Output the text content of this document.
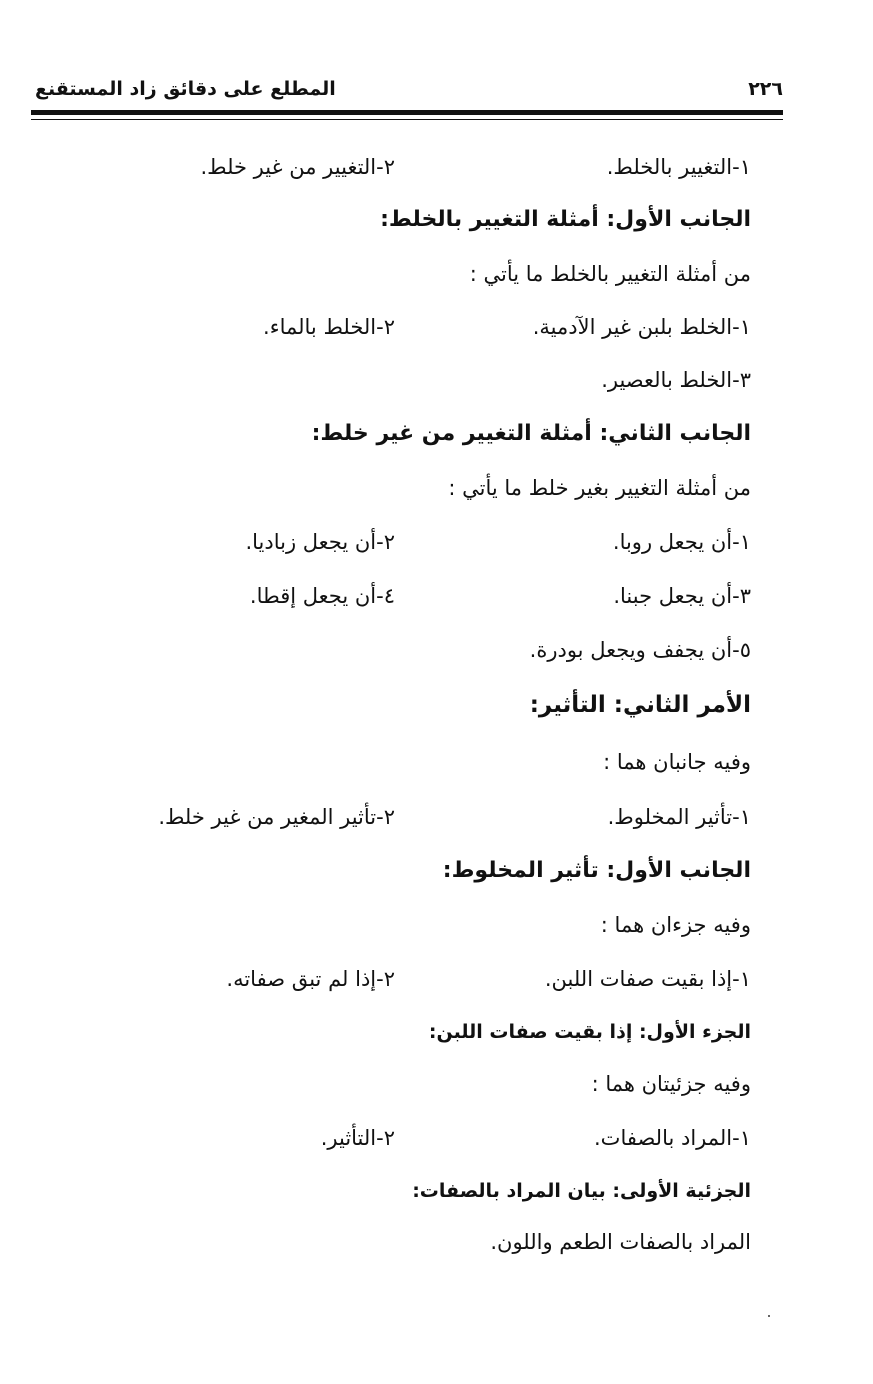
المطلع على دقائق زاد المستقنع	٢٢٦
١-التغيير بالخلط.
٢-التغيير من غير خلط.
الجانب الأول: أمثلة التغيير بالخلط:
من أمثلة التغيير بالخلط ما يأتي :
١-الخلط بلبن غير الآدمية.
٢-الخلط بالماء.
٣-الخلط بالعصير.
الجانب الثاني: أمثلة التغيير من غير خلط:
من أمثلة التغيير بغير خلط ما يأتي :
١-أن يجعل روبا.
٢-أن يجعل زباديا.
٣-أن يجعل جبنا.
٤-أن يجعل إقطا.
٥-أن يجفف ويجعل بودرة.
الأمر الثاني: التأثير:
وفيه جانبان هما :
١-تأثير المخلوط.
٢-تأثير المغير من غير خلط.
الجانب الأول: تأثير المخلوط:
وفيه جزءان هما :
١-إذا بقيت صفات اللبن.
٢-إذا لم تبق صفاته.
الجزء الأول: إذا بقيت صفات اللبن:
وفيه جزئيتان هما :
١-المراد بالصفات.
٢-التأثير.
الجزئية الأولى: بيان المراد بالصفات:
المراد بالصفات الطعم واللون.
